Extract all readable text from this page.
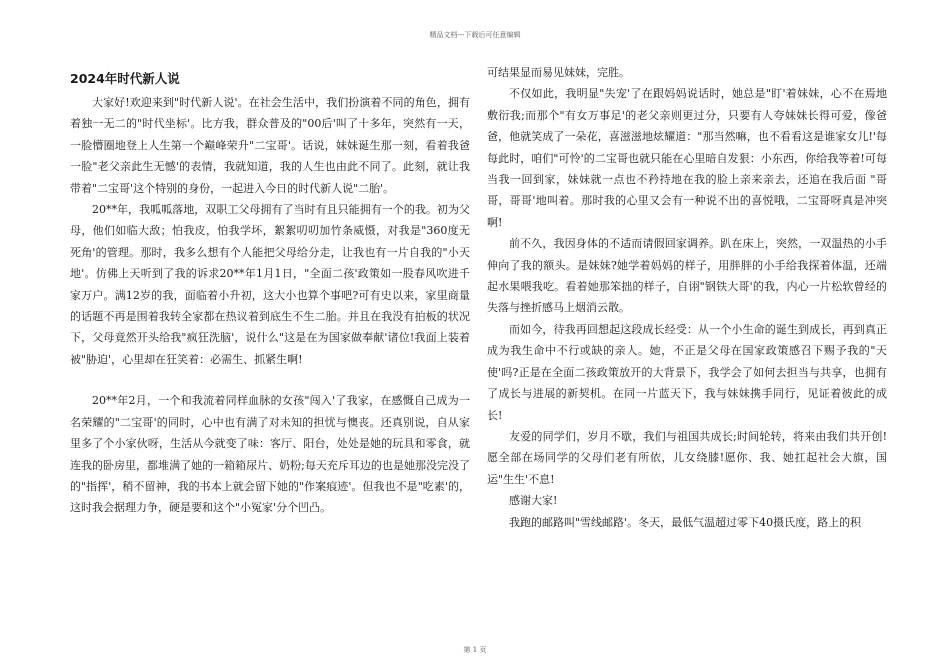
精品文档---下载后可任意编辑
2024年时代新人说

大家好!欢迎来到"时代新人说'。在社会生活中，我们扮演着不同的角色，拥有着独一无二的"时代坐标'。比方我，群众普及的"00后'叫了十多年，突然有一天，一脸懵圈地登上人生第一个巅峰荣升"二宝哥'。话说，妹妹诞生那一刻，看着我爸一脸"老父亲此生无憾'的表情，我就知道，我的人生也由此不同了。此刻，就让我带着"二宝哥'这个特别的身份，一起进入今日的时代新人说"二胎'。

20**年，我呱呱落地，双职工父母拥有了当时有且只能拥有一个的我。初为父母，他们如临大敌；怕我皮，怕我学坏，絮絮叨叨加竹条威慑，对我是"360度无死角'的管理。那时，我多么想有个人能把父母给分走，让我也有一片自我的"小天地'。仿佛上天听到了我的诉求20**年1月1日，"全面二孩'政策如一股春风吹进千家万户。满12岁的我，面临着小升初，这大小也算个事吧?可有史以来，家里商量 的话题不再是围着我转全家都在热议着到底生不生二胎。并且在我没有拍板的状况下，父母竟然开头给我"疯狂洗脑'，说什么"这是在为国家做奉献'诸位!我面上装着被"胁迫'，心里却在狂笑着：必需生、抓紧生啊!

20**年2月，一个和我流着同样血脉的女孩"闯入'了我家，在感慨自己成为一名荣耀的"二宝哥'的同时，心中也有满了对未知的担忧与懊丧。还真别说，自从家里多了个小家伙呀，生活从今就变了味：客厅、阳台，处处是她的玩具和零食，就连我的卧房里，都堆满了她的一箱箱尿片、奶粉;每天充斥耳边的也是她那没完没了的"指挥'，稍不留神，我的书本上就会留下她的"作案痕迹'。但我也不是"吃素'的，这时我会据理力争，硬是要和这个"小冤家'分个凹凸。

可结果显而易见妹妹，完胜。

不仅如此，我明显"失宠'了在跟妈妈说话时，她总是"盯'着妹妹，心不在焉地敷衍我;而那个"有女万事足'的老父亲则更过分，只要有人夸妹妹长得可爱，像爸爸，他就笑成了一朵花，喜滋滋地炫耀道："那当然嘛，也不看看这是谁家女儿!'每每此时，咱们"可怜'的二宝哥也就只能在心里暗自发狠：小东西，你给我等着!可每当我一回到家，妹妹就一点也不矜持地在我的脸上亲来亲去，还追在我后面 "哥哥，哥哥'地叫着。那时我的心里又会有一种说不出的喜悦哦，二宝哥呀真是冲突啊!

前不久，我因身体的不适而请假回家调养。趴在床上，突然，一双温热的小手伸向了我的额头。是妹妹?她学着妈妈的样子，用胖胖的小手给我探着体温，还端起水果喂我吃。看着她那笨拙的样子，自诩"钢铁大哥'的我，内心一片松软曾经的失落与挫折感马上烟消云散。

而如今，待我再回想起这段成长经受：从一个小生命的诞生到成长，再到真正成为我生命中不行或缺的亲人。她，不正是父母在国家政策感召下赐予我的"天使'吗?正是在全面二孩政策放开的大背景下，我学会了如何去担当与共享，也拥有了成长与进展的新契机。在同一片蓝天下，我与妹妹携手同行，见证着彼此的成长!

友爱的同学们，岁月不歇，我们与祖国共成长;时间轮转，将来由我们共开创!愿全部在场同学的父母们老有所依，儿女绕膝!愿你、我、她扛起社会大旗，国运"生生'不息!

感谢大家!

我跑的邮路叫"雪线邮路'。冬天，最低气温超过零下40摄氏度，路上的积

第 1 页
